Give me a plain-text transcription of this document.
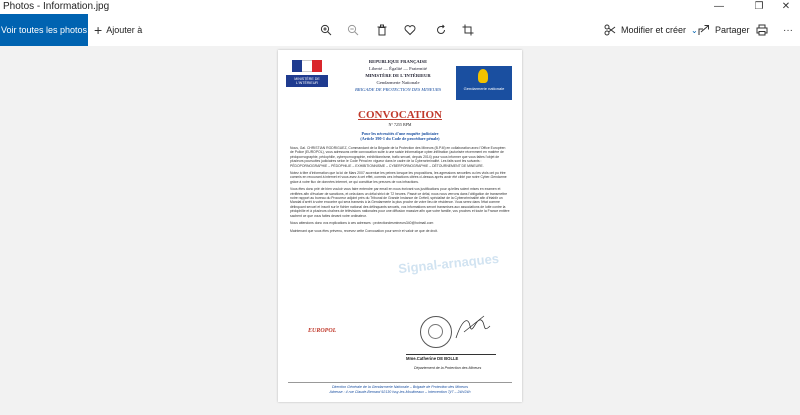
Photos - Information.jpg	—	❐	✕
Voir toutes les photos + Ajouter à	Modifier et créer ⌄ Partager	···
MINISTÈRE DE L'INTÉRIEUR
REPUBLIQUE FRANÇAISE
Liberté — Égalité — Fraternité
MINISTÈRE DE L'INTÉRIEUR
Gendarmerie Nationale
BRIGADE DE PROTECTION DES MINEURS	Gendarmerie nationale
CONVOCATION
N° 7255 BPM
Pour les nécessités d'une enquête judiciaire
(Article 390-1 du Code de procédure pénale)

Nous, Gal. CHRISTIAN RODRIGUEZ, Commandant de la Brigade de la Protection des Mineurs (B.P.M) en collaboration avec l'Office Européen de Police (EUROPOL), vous adressons cette convocation suite à une saisie informatique cyber-infiltration (autorisée récemment en matière de pédopornographie, pédophilie, cyberpornographie, exhibitionnisme, trafic sexuel, depuis 2014) pour vous informer que vous faites l'objet de plusieurs poursuites judiciaires selon le Code Pénal en vigueur dans le cadre de la Cybercriminalité. Les faits sont les suivants : PÉDOPORNOGRAPHIE – PÉDOPHILIE – EXHIBITIONNISME – CYBERPORNOGRAPHIE – DÉTOURNEMENT DE MINEURE.

Notez à titre d'information que la loi de Mars 2007 accentue les peines lorsque les propositions, les agressions sexuelles ou les viols ont pu être commis en recourant à internet et vous avez à cet effet, commis ces infractions citées ci-dessus après avoir été ciblé par notre Cyber-Gendarme grâce à votre flux de données internet, ce qui constitue les preuves de vos infractions.

Vous êtes donc prié de bien vouloir vous faire entendre par email en nous écrivant vos justifications pour qu'elles soient mises en examen et vérifiées afin d'évaluer de sanctions, et cela dans un délai strict de 72 heures. Passé ce délai, nous nous verrons dans l'obligation de transmettre notre rapport au bureau du Procureur adjoint près du Tribunal de Grande Instance de Créteil, spécialisé de la Cybercriminalité afin d'établir un Mandat d'arrêt à votre encontre qui sera transmis à la Gendarmerie la plus proche de votre lieu de résidence. Vous serez dans l'état comme délinquant sexuel et inscrit sur le fichier national des délinquants sexuels, vos informations seront transmises aux associations de lutte contre la pédophilie et à plusieurs chaînes de télévisions nationales pour une diffusion massive afin que votre famille, vos proches et toute la France entière sachent ce que vous faites devant votre ordinateur.

Nous attendons donc vos explications à ces adresses : protectiondesmineurs340@hotmail.com

Maintenant que vous êtes prévenu, recevez cette Convocation pour servir et valoir ce que de droit.

Signal-arnaques
EUROPOL
Mme.Catherine DE BOLLE
Département de la Protection des Mineurs
Direction Générale de la Gendarmerie Nationale – Brigade de Protection des Mineurs
Adresse : 4 rue Claude-Bernard 92130 Issy-les-Moulineaux – Intervention 7j/7 – 24h/24h
